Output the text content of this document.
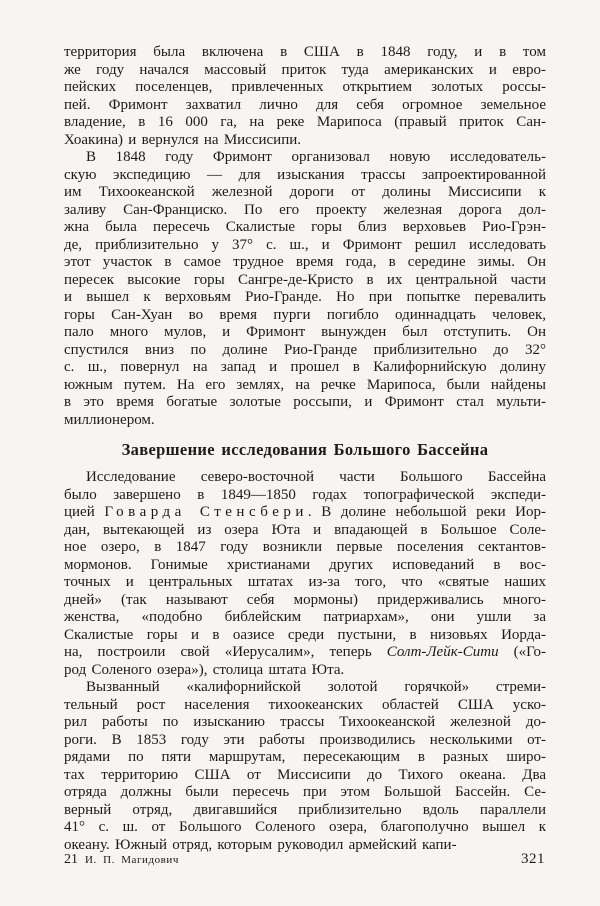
территория была включена в США в 1848 году, и в том
же году начался массовый приток туда американских и евро-
пейских поселенцев, привлеченных открытием золотых россы-
пей. Фримонт захватил лично для себя огромное земельное
владение, в 16 000 га, на реке Марипоса (правый приток Сан-
Хоакина) и вернулся на Миссисипи.
В 1848 году Фримонт организовал новую исследователь-
скую экспедицию — для изыскания трассы запроектированной
им Тихоокеанской железной дороги от долины Миссисипи к
заливу Сан-Франциско. По его проекту железная дорога дол-
жна была пересечь Скалистые горы близ верховьев Рио-Грэн-
де, приблизительно у 37° с. ш., и Фримонт решил исследовать
этот участок в самое трудное время года, в середине зимы. Он
пересек высокие горы Сангре-де-Кристо в их центральной части
и вышел к верховьям Рио-Гранде. Но при попытке перевалить
горы Сан-Хуан во время пурги погибло одиннадцать человек,
пало много мулов, и Фримонт вынужден был отступить. Он
спустился вниз по долине Рио-Гранде приблизительно до 32°
с. ш., повернул на запад и прошел в Калифорнийскую долину
южным путем. На его землях, на речке Марипоса, были найдены
в это время богатые золотые россыпи, и Фримонт стал мульти-
миллионером.
Завершение исследования Большого Бассейна
Исследование северо-восточной части Большого Бассейна
было завершено в 1849—1850 годах топографической экспеди-
цией Говарда Стенсбери. В долине небольшой реки Иор-
дан, вытекающей из озера Юта и впадающей в Большое Соле-
ное озеро, в 1847 году возникли первые поселения сектантов-
мормонов. Гонимые христианами других исповеданий в вос-
точных и центральных штатах из-за того, что «святые наших
дней» (так называют себя мормоны) придерживались много-
женства, «подобно библейским патриархам», они ушли за
Скалистые горы и в оазисе среди пустыни, в низовьях Иорда-
на, построили свой «Иерусалим», теперь Солт-Лейк-Сити («Го-
род Соленого озера»), столица штата Юта.
Вызванный «калифорнийской золотой горячкой» стреми-
тельный рост населения тихоокеанских областей США уско-
рил работы по изысканию трассы Тихоокеанской железной до-
роги. В 1853 году эти работы производились несколькими от-
рядами по пяти маршрутам, пересекающим в разных широ-
тах территорию США от Миссисипи до Тихого океана. Два
отряда должны были пересечь при этом Большой Бассейн. Се-
верный отряд, двигавшийся приблизительно вдоль параллели
41° с. ш. от Большого Соленого озера, благополучно вышел к
океану. Южный отряд, которым руководил армейский капи-
21 И. П. Магидович	321
